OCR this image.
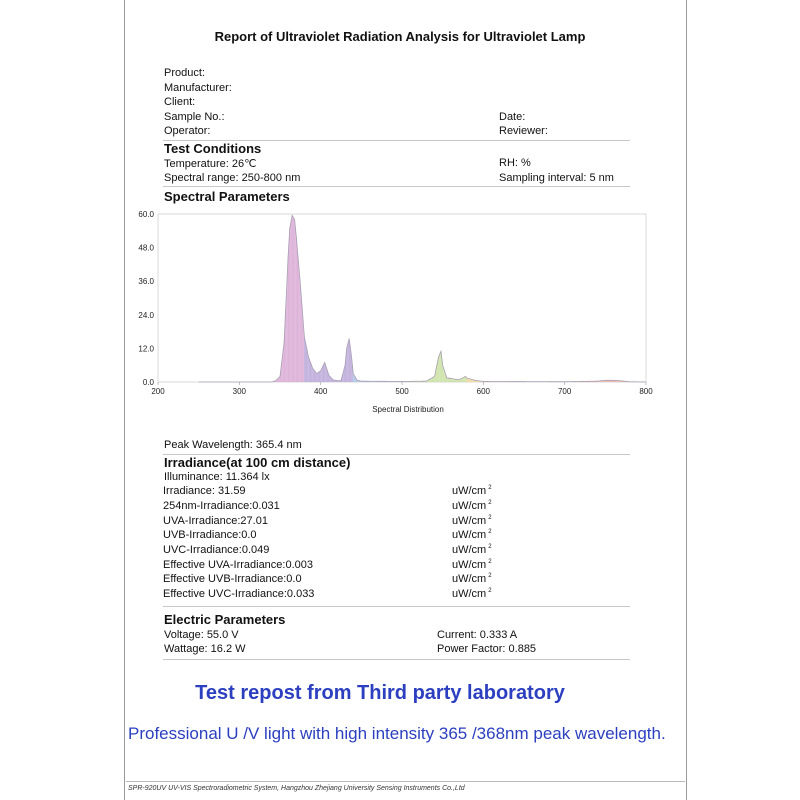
Report of Ultraviolet Radiation Analysis for Ultraviolet Lamp
Product:
Manufacturer:
Client:
Sample No.:	Date:
Operator:	Reviewer:
Test Conditions
Temperature: 26℃	RH: %
Spectral range: 250-800 nm	Sampling interval: 5 nm
Spectral Parameters
0.0
12.0
24.0
36.0
48.0
60.0
200	300	400	500	600	700	800
Spectral Distribution
Peak Wavelength: 365.4 nm
Irradiance(at 100 cm distance)
Illuminance: 11.364 lx
Irradiance: 31.59	uW/cm $^2$
254nm-Irradiance:0.031	uW/cm $^2$
UVA-Irradiance:27.01	uW/cm $^2$
UVB-Irradiance:0.0	uW/cm $^2$
UVC-Irradiance:0.049	uW/cm $^2$
Effective UVA-Irradiance:0.003	uW/cm $^2$
Effective UVB-Irradiance:0.0	uW/cm $^2$
Effective UVC-Irradiance:0.033	uW/cm $^2$
Electric Parameters
Voltage: 55.0 V	Current: 0.333 A
Wattage: 16.2 W	Power Factor: 0.885
Test repost from Third party laboratory
Professional U /V light with high intensity 365 /368nm peak wavelength.
SPR-920UV UV-VIS Spectroradiometric System, Hangzhou Zhejiang University Sensing Instruments Co.,Ltd
